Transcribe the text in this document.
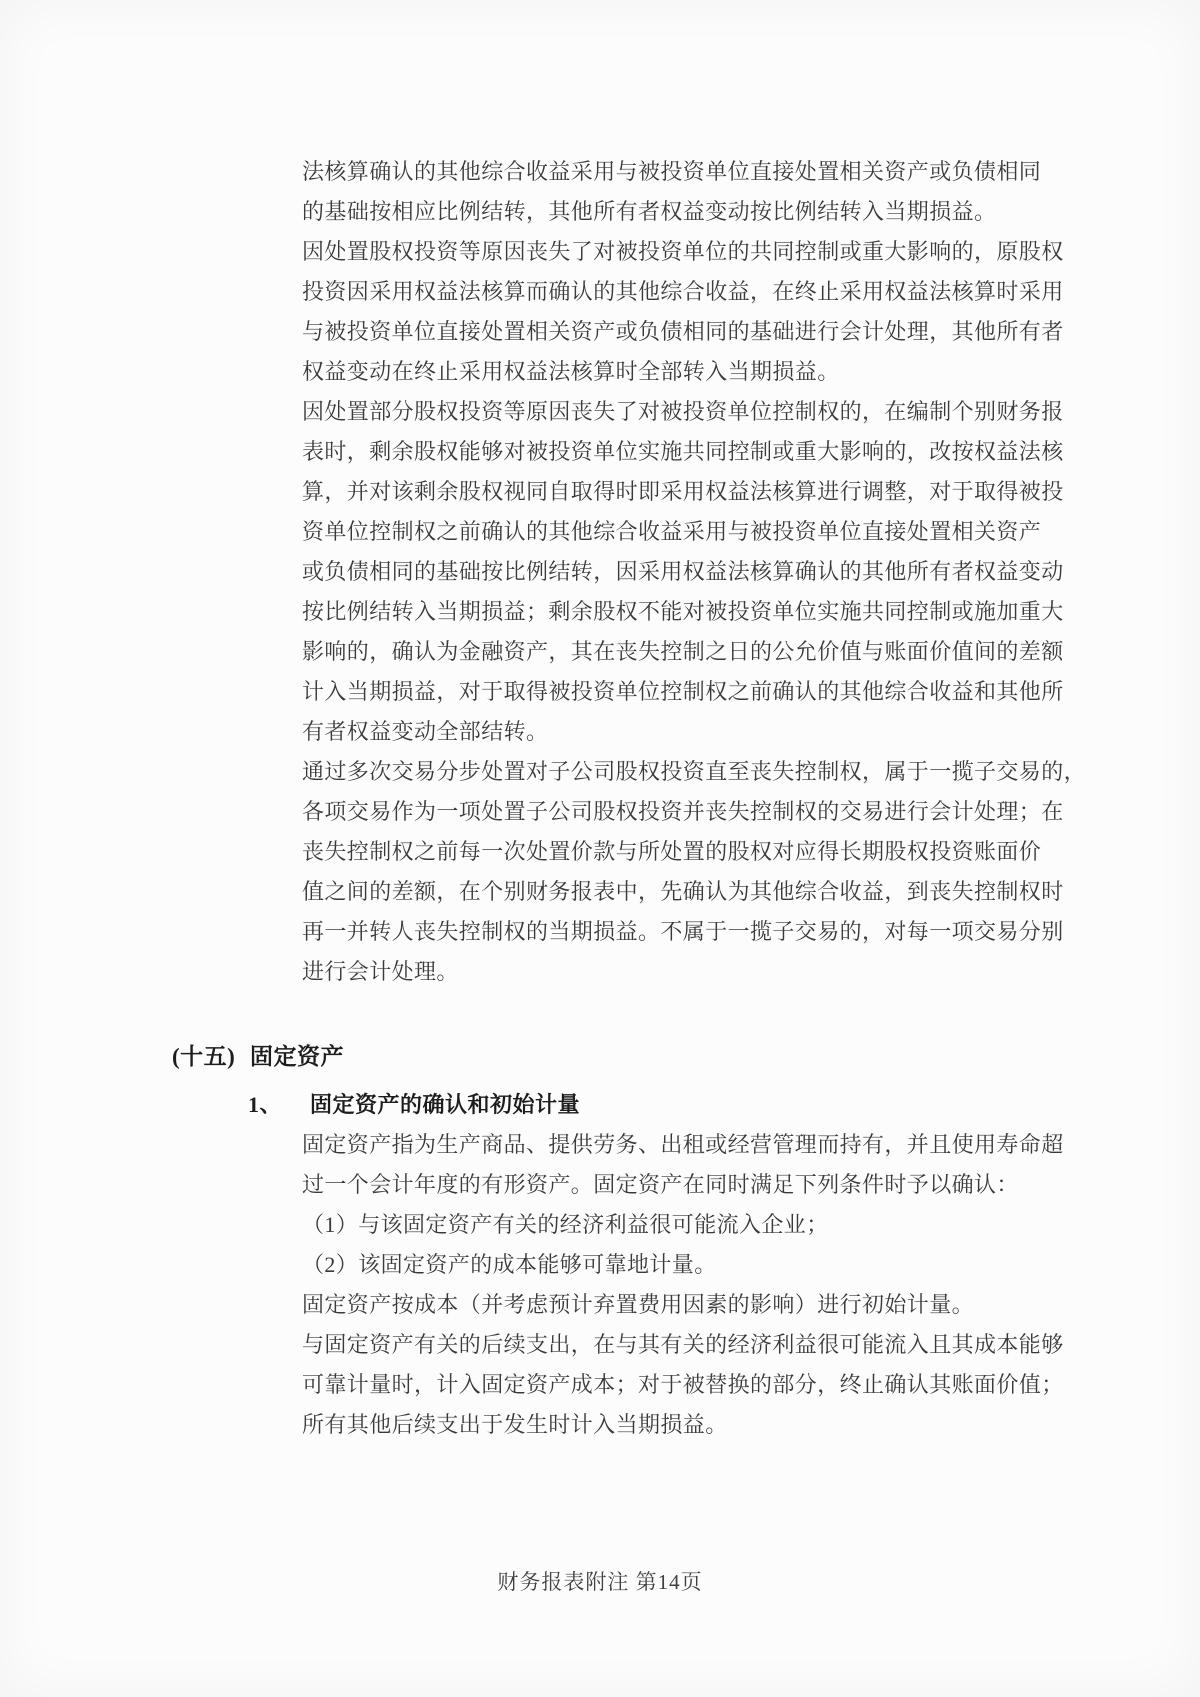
法核算确认的其他综合收益采用与被投资单位直接处置相关资产或负债相同
的基础按相应比例结转，其他所有者权益变动按比例结转入当期损益。
因处置股权投资等原因丧失了对被投资单位的共同控制或重大影响的，原股权
投资因采用权益法核算而确认的其他综合收益，在终止采用权益法核算时采用
与被投资单位直接处置相关资产或负债相同的基础进行会计处理，其他所有者
权益变动在终止采用权益法核算时全部转入当期损益。
因处置部分股权投资等原因丧失了对被投资单位控制权的，在编制个别财务报
表时，剩余股权能够对被投资单位实施共同控制或重大影响的，改按权益法核
算，并对该剩余股权视同自取得时即采用权益法核算进行调整，对于取得被投
资单位控制权之前确认的其他综合收益采用与被投资单位直接处置相关资产
或负债相同的基础按比例结转，因采用权益法核算确认的其他所有者权益变动
按比例结转入当期损益；剩余股权不能对被投资单位实施共同控制或施加重大
影响的，确认为金融资产，其在丧失控制之日的公允价值与账面价值间的差额
计入当期损益，对于取得被投资单位控制权之前确认的其他综合收益和其他所
有者权益变动全部结转。
通过多次交易分步处置对子公司股权投资直至丧失控制权，属于一揽子交易的，
各项交易作为一项处置子公司股权投资并丧失控制权的交易进行会计处理；在
丧失控制权之前每一次处置价款与所处置的股权对应得长期股权投资账面价
值之间的差额，在个别财务报表中，先确认为其他综合收益，到丧失控制权时
再一并转人丧失控制权的当期损益。不属于一揽子交易的，对每一项交易分别
进行会计处理。
(十五) 固定资产
1、 固定资产的确认和初始计量
固定资产指为生产商品、提供劳务、出租或经营管理而持有，并且使用寿命超
过一个会计年度的有形资产。固定资产在同时满足下列条件时予以确认：
（1）与该固定资产有关的经济利益很可能流入企业；
（2）该固定资产的成本能够可靠地计量。
固定资产按成本（并考虑预计弃置费用因素的影响）进行初始计量。
与固定资产有关的后续支出，在与其有关的经济利益很可能流入且其成本能够
可靠计量时，计入固定资产成本；对于被替换的部分，终止确认其账面价值；
所有其他后续支出于发生时计入当期损益。
财务报表附注 第14页
